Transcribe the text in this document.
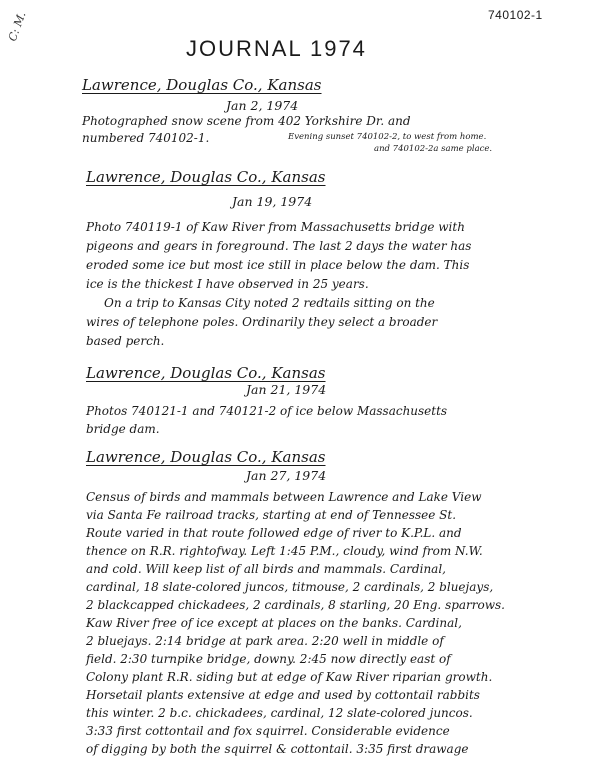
C: M.	740102-1
JOURNAL 1974
Lawrence, Douglas Co., Kansas
Jan 2, 1974
Photographed snow scene from 402 Yorkshire Dr. and
numbered 740102-1.	Evening sunset 740102-2, to west from home.
and 740102-2a same place.
Lawrence, Douglas Co., Kansas
Jan 19, 1974
Photo 740119-1 of Kaw River from Massachusetts bridge with
pigeons and gears in foreground. The last 2 days the water has
eroded some ice but most ice still in place below the dam. This
ice is the thickest I have observed in 25 years.
On a trip to Kansas City noted 2 redtails sitting on the
wires of telephone poles. Ordinarily they select a broader
based perch.
Lawrence, Douglas Co., Kansas
Jan 21, 1974
Photos 740121-1 and 740121-2 of ice below Massachusetts
bridge dam.
Lawrence, Douglas Co., Kansas
Jan 27, 1974
Census of birds and mammals between Lawrence and Lake View
via Santa Fe railroad tracks, starting at end of Tennessee St.
Route varied in that route followed edge of river to K.P.L. and
thence on R.R. rightofway. Left 1:45 P.M., cloudy, wind from N.W.
and cold. Will keep list of all birds and mammals. Cardinal,
cardinal, 18 slate-colored juncos, titmouse, 2 cardinals, 2 bluejays,
2 blackcapped chickadees, 2 cardinals, 8 starling, 20 Eng. sparrows.
Kaw River free of ice except at places on the banks. Cardinal,
2 bluejays. 2:14 bridge at park area. 2:20 well in middle of
field. 2:30 turnpike bridge, downy. 2:45 now directly east of
Colony plant R.R. siding but at edge of Kaw River riparian growth.
Horsetail plants extensive at edge and used by cottontail rabbits
this winter. 2 b.c. chickadees, cardinal, 12 slate-colored juncos.
3:33 first cottontail and fox squirrel. Considerable evidence
of digging by both the squirrel & cottontail. 3:35 first drawage
